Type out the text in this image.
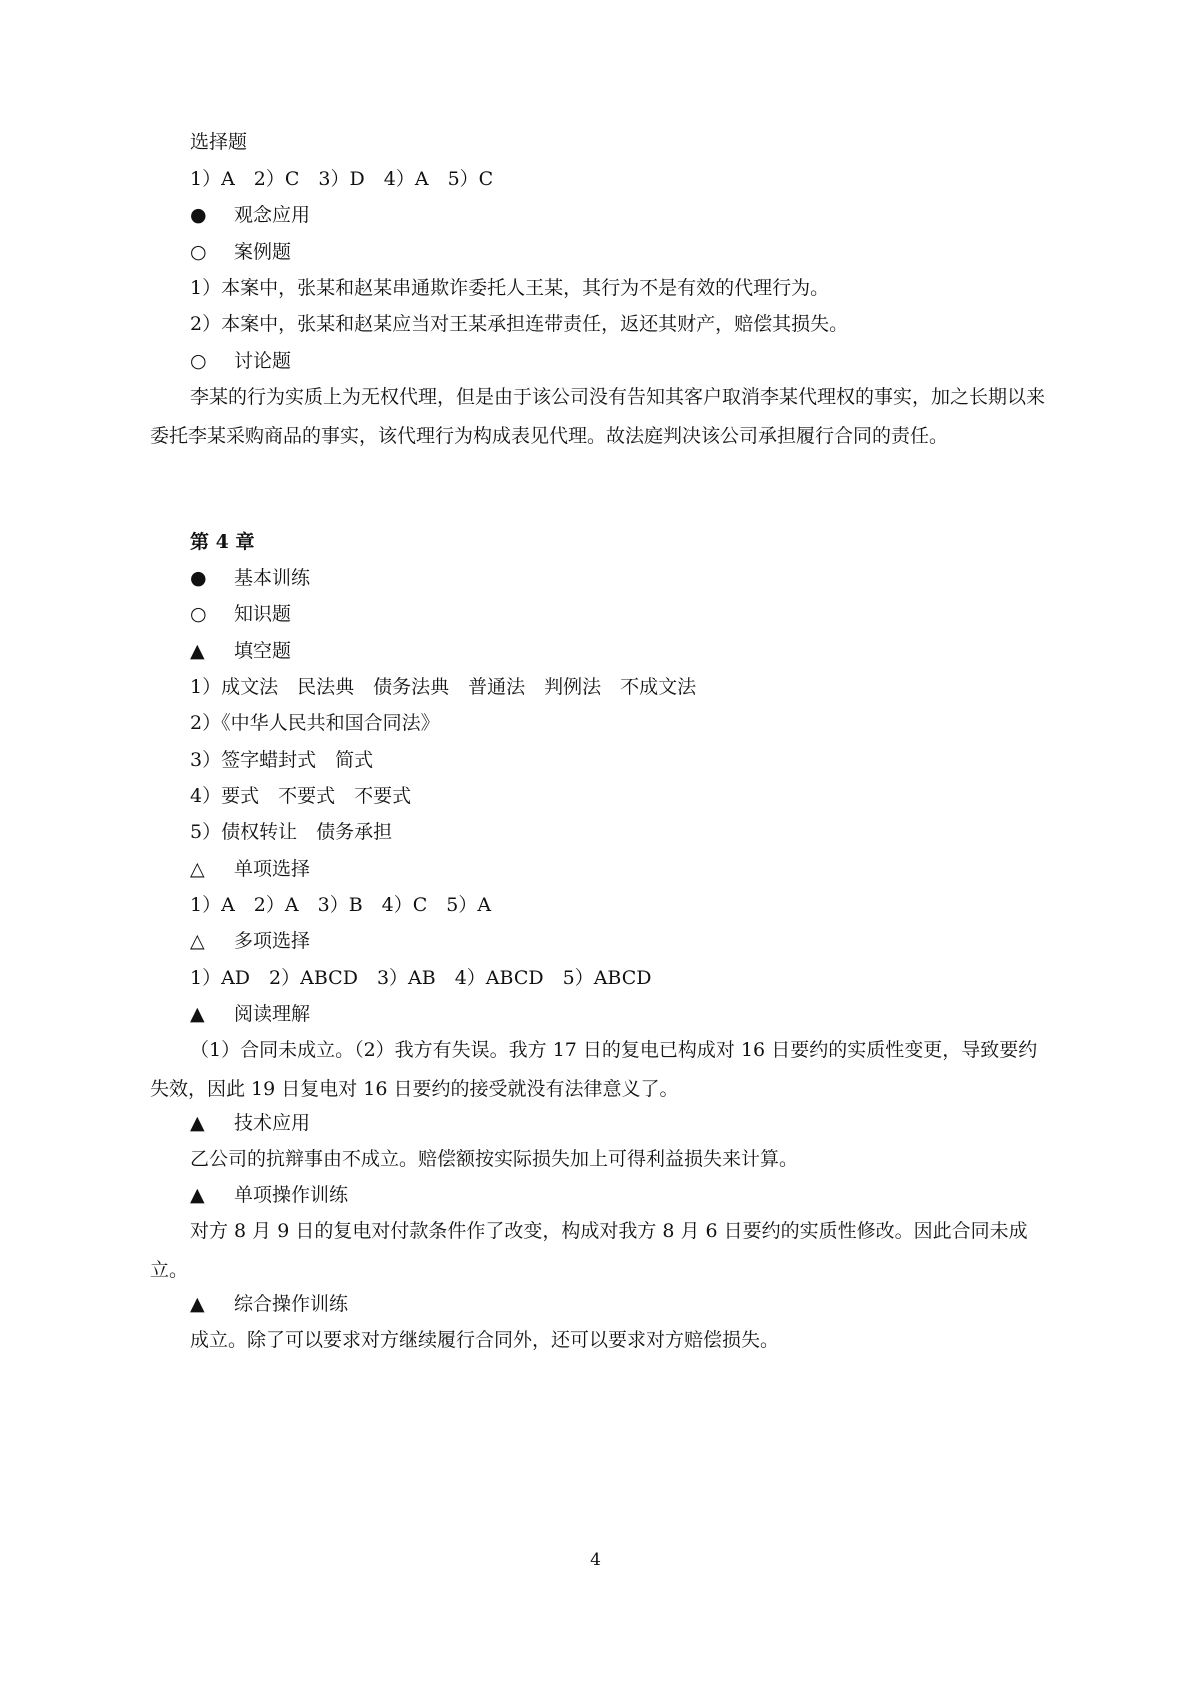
选择题
1）A　2）C　3）D　4）A　5）C
● 观念应用
○ 案例题
1）本案中，张某和赵某串通欺诈委托人王某，其行为不是有效的代理行为。
2）本案中，张某和赵某应当对王某承担连带责任，返还其财产，赔偿其损失。
○ 讨论题
李某的行为实质上为无权代理，但是由于该公司没有告知其客户取消李某代理权的事实，加之长期以来委托李某采购商品的事实，该代理行为构成表见代理。故法庭判决该公司承担履行合同的责任。
第 4 章
● 基本训练
○ 知识题
▲ 填空题
1）成文法　民法典　债务法典　普通法　判例法　不成文法
2）《中华人民共和国合同法》
3）签字蜡封式　简式
4）要式　不要式　不要式
5）债权转让　债务承担
△ 单项选择
1）A　2）A　3）B　4）C　5）A
△ 多项选择
1）AD　2）ABCD　3）AB　4）ABCD　5）ABCD
▲ 阅读理解
（1）合同未成立。（2）我方有失误。我方 17 日的复电已构成对 16 日要约的实质性变更，导致要约失效，因此 19 日复电对 16 日要约的接受就没有法律意义了。
▲ 技术应用
乙公司的抗辩事由不成立。赔偿额按实际损失加上可得利益损失来计算。
▲ 单项操作训练
对方 8 月 9 日的复电对付款条件作了改变，构成对我方 8 月 6 日要约的实质性修改。因此合同未成立。
▲ 综合操作训练
成立。除了可以要求对方继续履行合同外，还可以要求对方赔偿损失。
4
